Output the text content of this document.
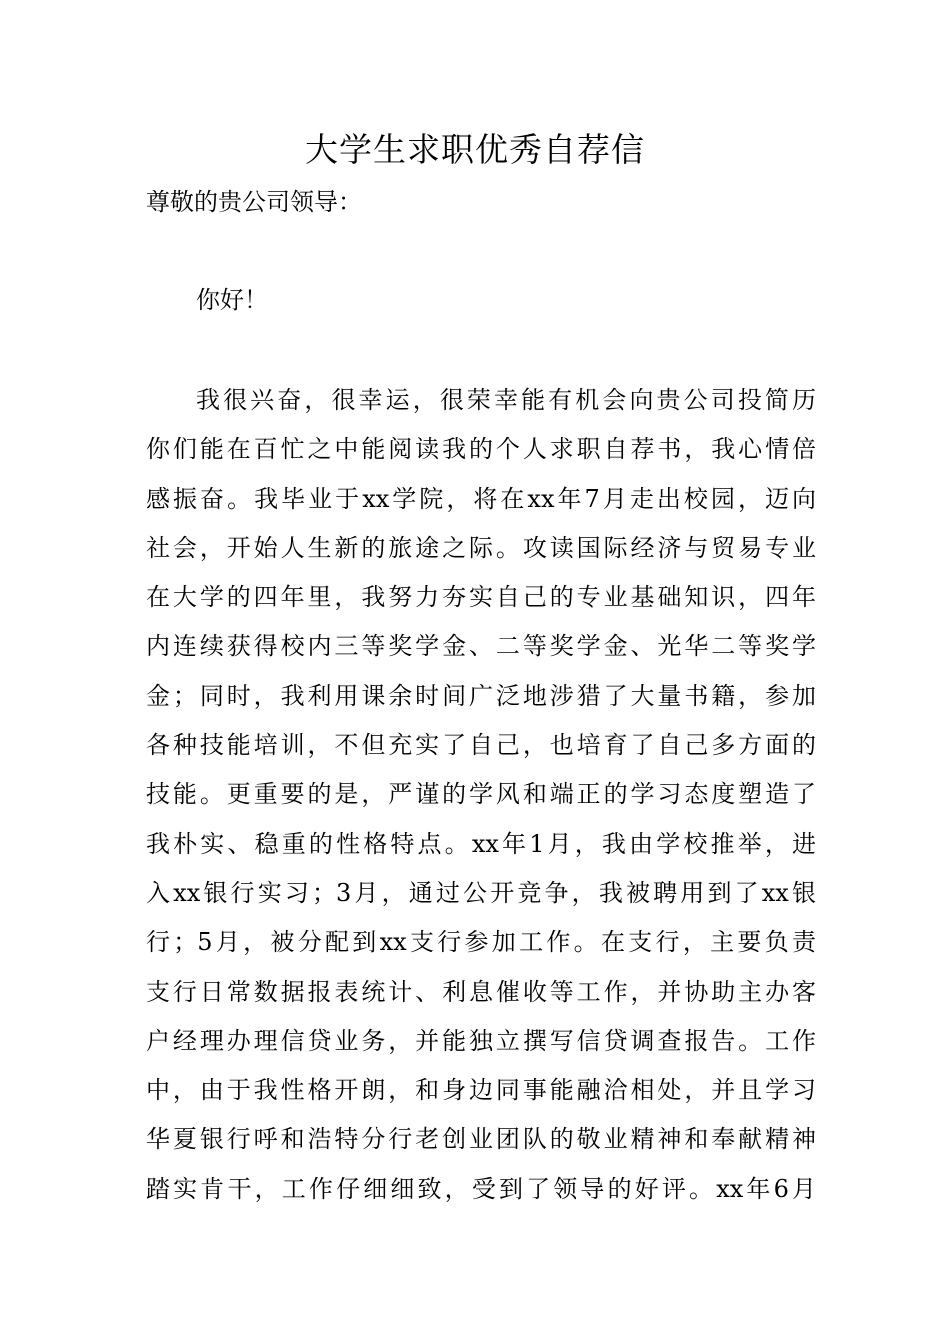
大学生求职优秀自荐信

尊敬的贵公司领导：

你好！

我很兴奋，很幸运，很荣幸能有机会向贵公司投简历
你们能在百忙之中能阅读我的个人求职自荐书，我心情倍
感振奋。我毕业于xx学院，将在xx年7月走出校园，迈向
社会，开始人生新的旅途之际。攻读国际经济与贸易专业
在大学的四年里，我努力夯实自己的专业基础知识，四年
内连续获得校内三等奖学金、二等奖学金、光华二等奖学
金；同时，我利用课余时间广泛地涉猎了大量书籍，参加
各种技能培训，不但充实了自己，也培育了自己多方面的
技能。更重要的是，严谨的学风和端正的学习态度塑造了
我朴实、稳重的性格特点。xx年1月，我由学校推举，进
入xx银行实习；3月，通过公开竞争，我被聘用到了xx银
行；5月，被分配到xx支行参加工作。在支行，主要负责
支行日常数据报表统计、利息催收等工作，并协助主办客
户经理办理信贷业务，并能独立撰写信贷调查报告。工作
中，由于我性格开朗，和身边同事能融洽相处，并且学习
华夏银行呼和浩特分行老创业团队的敬业精神和奉献精神
踏实肯干，工作仔细细致，受到了领导的好评。xx年6月
